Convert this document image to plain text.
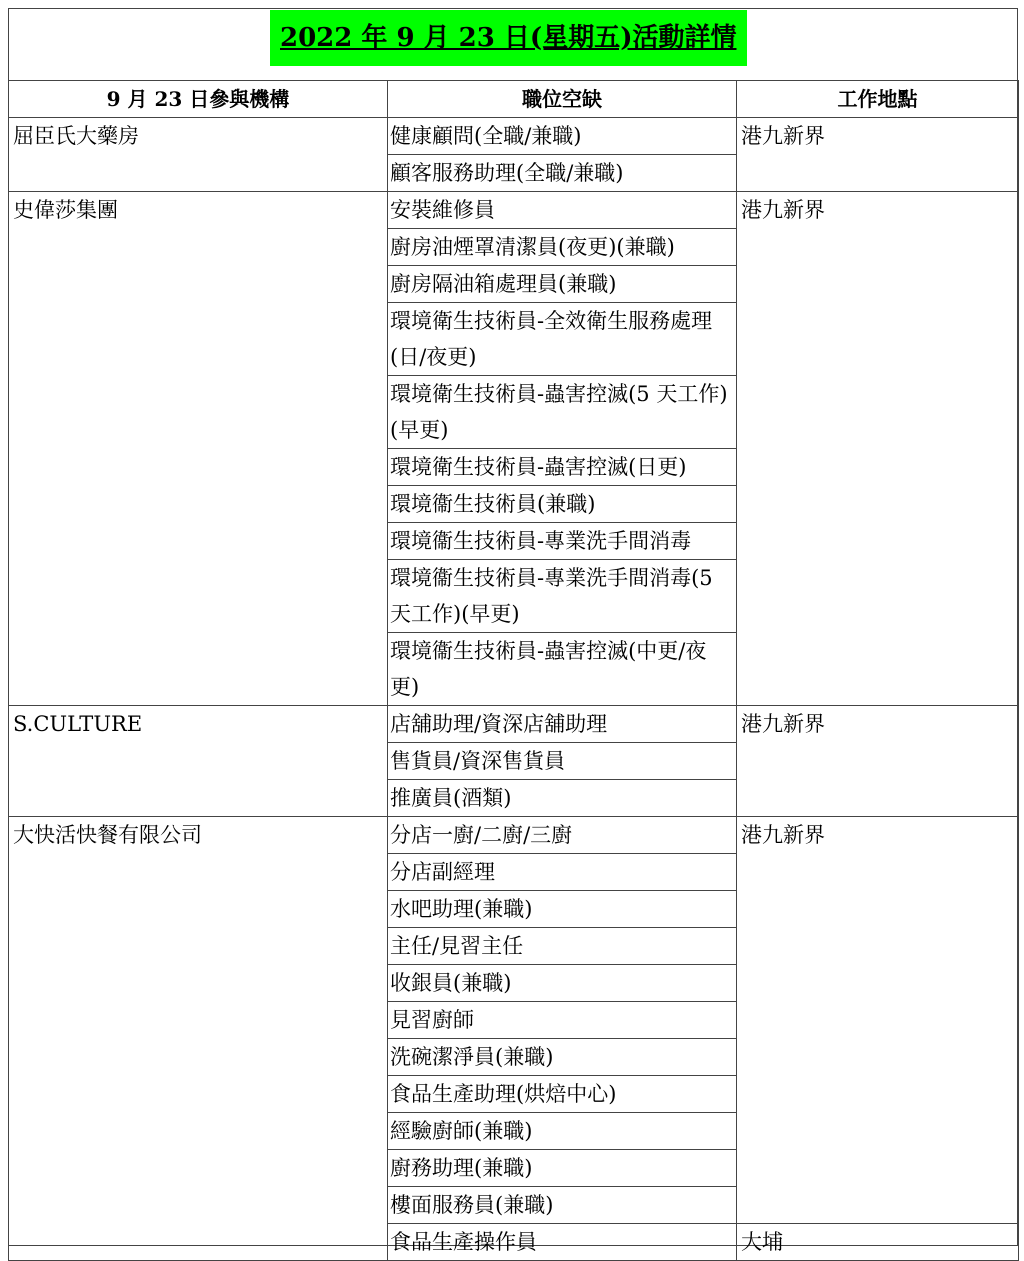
2022 年 9 月 23 日(星期五)活動詳情
9 月 23 日參與機構	職位空缺	工作地點
屈臣氏大藥房	健康顧問(全職/兼職)	港九新界
	顧客服務助理(全職/兼職)	
史偉莎集團	安裝維修員	港九新界
	廚房油煙罩清潔員(夜更)(兼職)	
	廚房隔油箱處理員(兼職)	
	環境衛生技術員-全效衛生服務處理(日/夜更)	
	環境衛生技術員-蟲害控滅(5 天工作)(早更)	
	環境衛生技術員-蟲害控滅(日更)	
	環境衞生技術員(兼職)	
	環境衞生技術員-專業洗手間消毒	
	環境衞生技術員-專業洗手間消毒(5 天工作)(早更)	
	環境衞生技術員-蟲害控滅(中更/夜更)	
S.CULTURE	店舖助理/資深店舖助理	港九新界
	售貨員/資深售貨員	
	推廣員(酒類)	
大快活快餐有限公司	分店一廚/二廚/三廚	港九新界
	分店副經理	
	水吧助理(兼職)	
	主任/見習主任	
	收銀員(兼職)	
	見習廚師	
	洗碗潔淨員(兼職)	
	食品生產助理(烘焙中心)	
	經驗廚師(兼職)	
	廚務助理(兼職)	
	樓面服務員(兼職)	
	食品生產操作員	大埔
